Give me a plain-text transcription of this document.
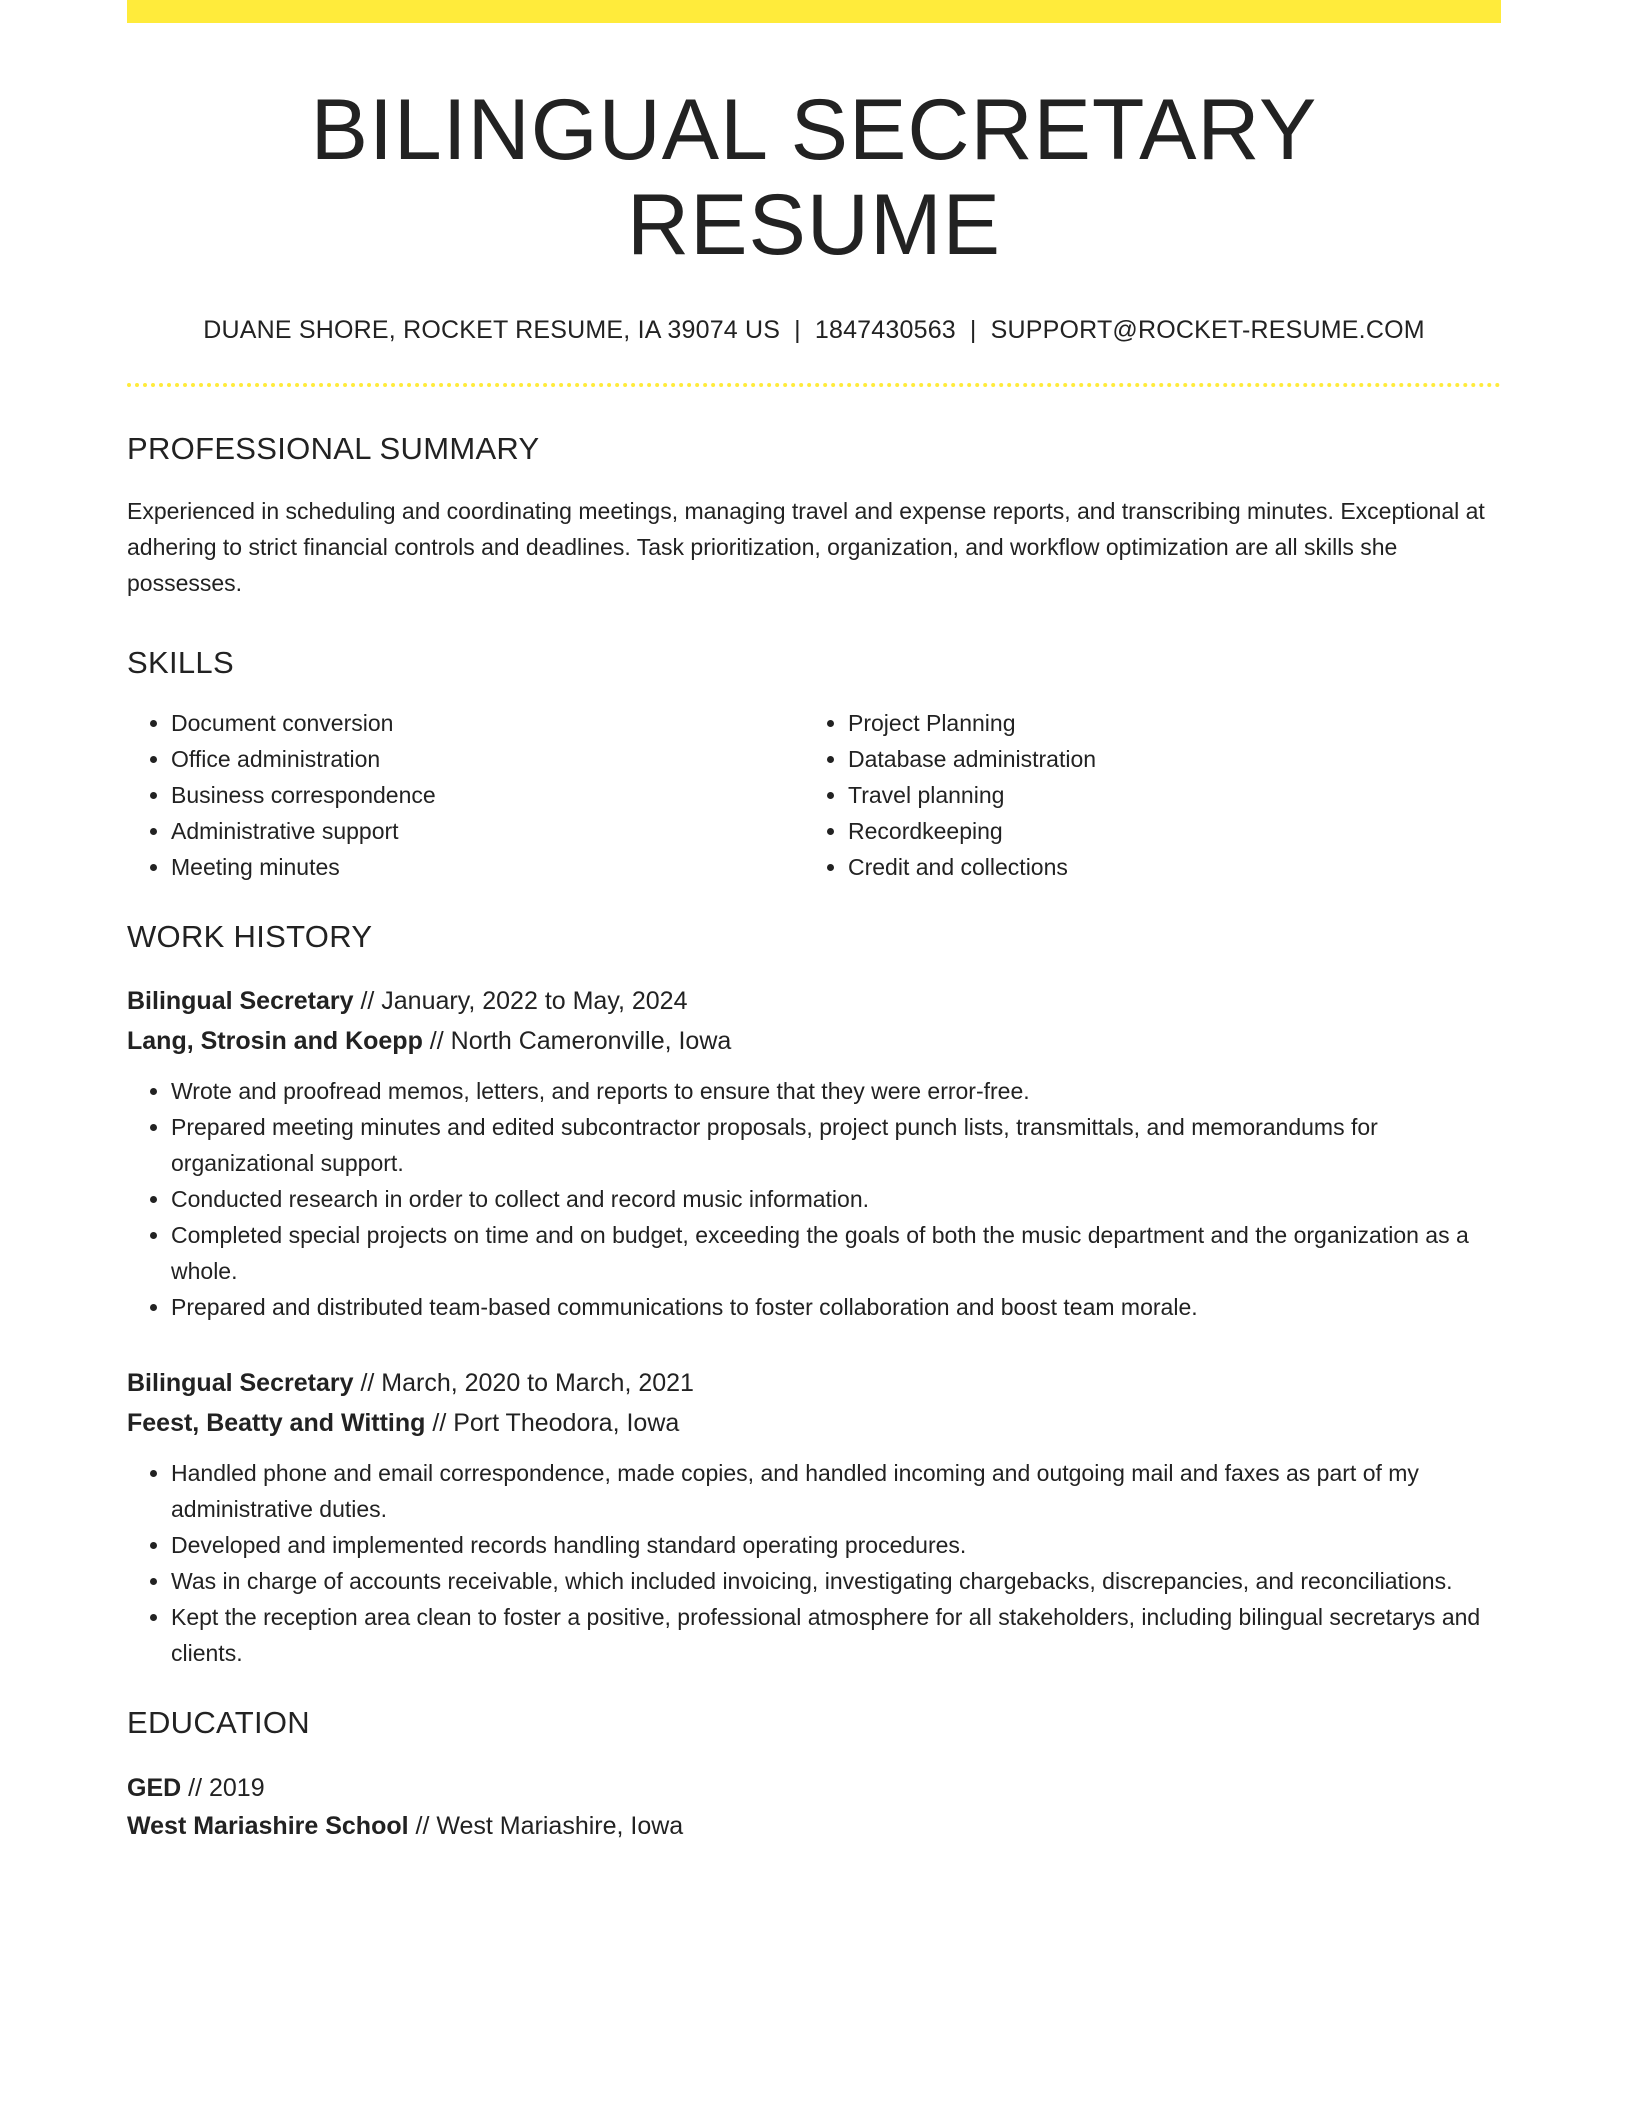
BILINGUAL SECRETARY RESUME
DUANE SHORE, ROCKET RESUME, IA 39074 US | 1847430563 | SUPPORT@ROCKET-RESUME.COM
PROFESSIONAL SUMMARY

Experienced in scheduling and coordinating meetings, managing travel and expense reports, and transcribing minutes. Exceptional at adhering to strict financial controls and deadlines. Task prioritization, organization, and workflow optimization are all skills she possesses.

SKILLS
• Document conversion
• Office administration
• Business correspondence
• Administrative support
• Meeting minutes
• Project Planning
• Database administration
• Travel planning
• Recordkeeping
• Credit and collections
WORK HISTORY
Bilingual Secretary // January, 2022 to May, 2024
Lang, Strosin and Koepp // North Cameronville, Iowa
• Wrote and proofread memos, letters, and reports to ensure that they were error-free.
• Prepared meeting minutes and edited subcontractor proposals, project punch lists, transmittals, and memorandums for organizational support.
• Conducted research in order to collect and record music information.
• Completed special projects on time and on budget, exceeding the goals of both the music department and the organization as a whole.
• Prepared and distributed team-based communications to foster collaboration and boost team morale.
Bilingual Secretary // March, 2020 to March, 2021
Feest, Beatty and Witting // Port Theodora, Iowa
• Handled phone and email correspondence, made copies, and handled incoming and outgoing mail and faxes as part of my administrative duties.
• Developed and implemented records handling standard operating procedures.
• Was in charge of accounts receivable, which included invoicing, investigating chargebacks, discrepancies, and reconciliations.
• Kept the reception area clean to foster a positive, professional atmosphere for all stakeholders, including bilingual secretarys and clients.
EDUCATION
GED // 2019
West Mariashire School // West Mariashire, Iowa
